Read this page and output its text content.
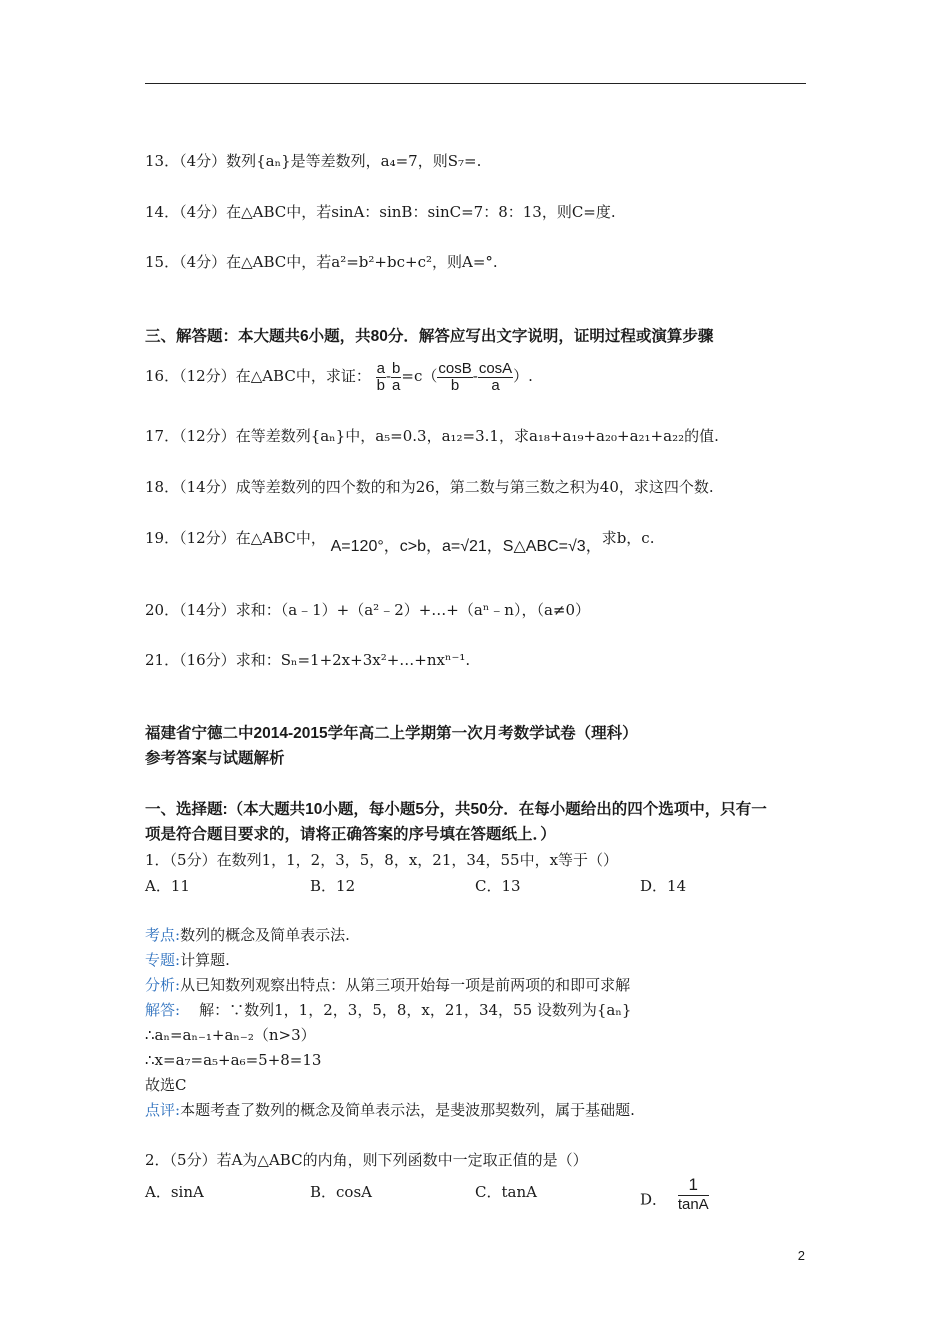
13．（4分）数列{aₙ}是等差数列，a₄=7，则S₇=.
14．（4分）在△ABC中，若sinA：sinB：sinC=7：8：13，则C=度.
15．（4分）在△ABC中，若a²=b²+bc+c²，则A=°.
三、解答题：本大题共6小题，共80分．解答应写出文字说明，证明过程或演算步骤
16．（12分）在△ABC中，求证： $\frac{a}{b} - \frac{b}{a} =c( \frac{\cos B}{b} - \frac{\cos A}{a}$ ）.
17．（12分）在等差数列{aₙ}中，a₅=0.3，a₁₂=3.1，求a₁₈+a₁₉+a₂₀+a₂₁+a₂₂的值.
18．（14分）成等差数列的四个数的和为26，第二数与第三数之积为40，求这四个数.
19．（12分）在△ABC中， A=120°，c>b，a=√21，S△ABC=√3，求b，c.
20．（14分）求和：（a﹣1）+（a²﹣2）+…+（aⁿ﹣n），（a≠0）
21．（16分）求和：Sₙ=1+2x+3x²+…+nxⁿ⁻¹.
福建省宁德二中2014-2015学年高二上学期第一次月考数学试卷（理科）
参考答案与试题解析
一、选择题:（本大题共10小题，每小题5分，共50分．在每小题给出的四个选项中，只有一
项是符合题目要求的，请将正确答案的序号填在答题纸上．）
1．（5分）在数列1，1，2，3，5，8，x，21，34，55中，x等于（）
A．11	B．12	C．13	D．14
考点:数列的概念及简单表示法.
专题:计算题.
分析:从已知数列观察出特点：从第三项开始每一项是前两项的和即可求解
解答: 解：∵数列1，1，2，3，5，8，x，21，34，55 设数列为{aₙ}
∴aₙ=aₙ₋₁+aₙ₋₂（n>3）
∴x=a₇=a₅+a₆=5+8=13
故选C
点评:本题考查了数列的概念及简单表示法，是斐波那契数列，属于基础题.
2．（5分）若A为△ABC的内角，则下列函数中一定取正值的是（）
A．sinA	B．cosA	C．tanA	D． $\frac{1}{\tan A}$
2
